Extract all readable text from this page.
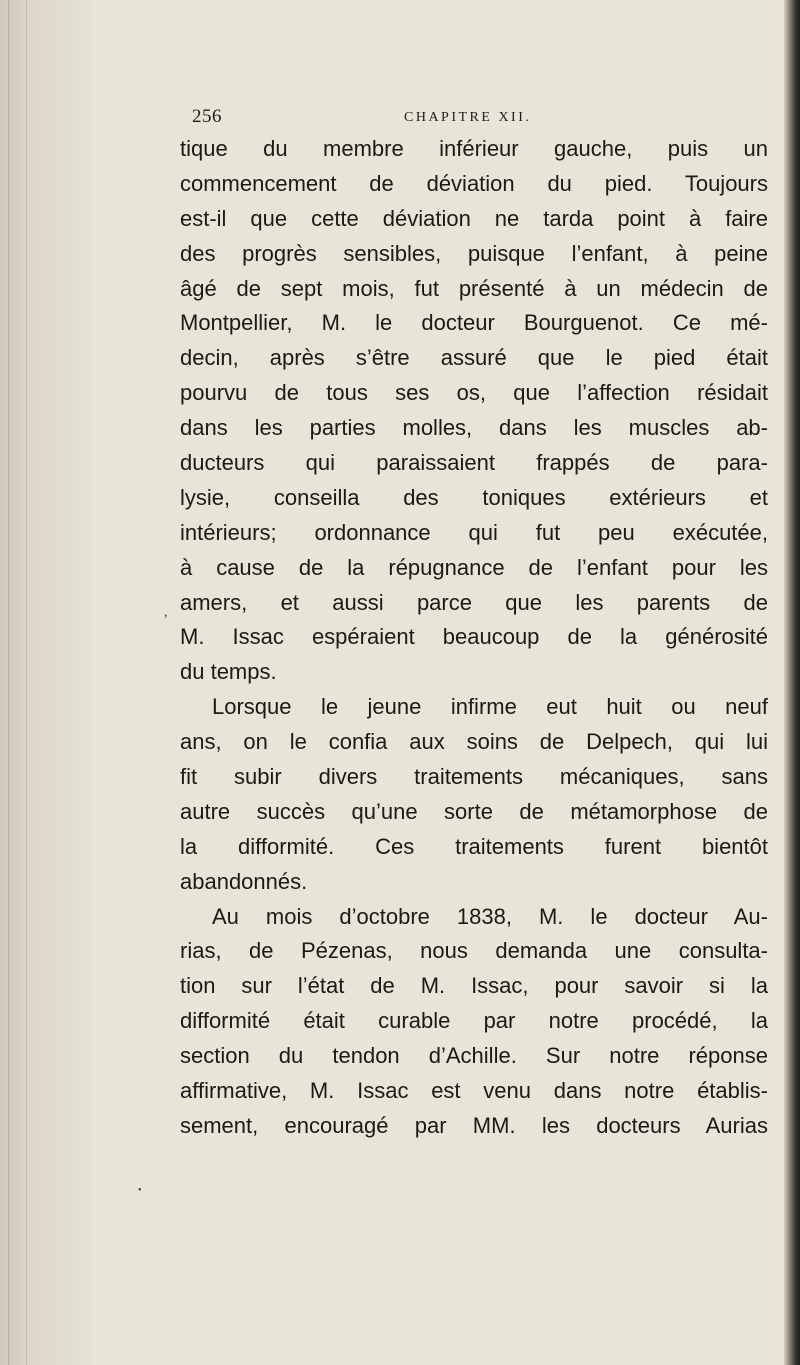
256	CHAPITRE XII.
tique du membre inférieur gauche, puis un
commencement de déviation du pied. Toujours
est-il que cette déviation ne tarda point à faire
des progrès sensibles, puisque l’enfant, à peine
âgé de sept mois, fut présenté à un médecin de
Montpellier, M. le docteur Bourguenot. Ce mé-
decin, après s’être assuré que le pied était
pourvu de tous ses os, que l’affection résidait
dans les parties molles, dans les muscles ab-
ducteurs qui paraissaient frappés de para-
lysie, conseilla des toniques extérieurs et
intérieurs; ordonnance qui fut peu exécutée,
à cause de la répugnance de l’enfant pour les
amers, et aussi parce que les parents de
M. Issac espéraient beaucoup de la générosité
du temps.
Lorsque le jeune infirme eut huit ou neuf
ans, on le confia aux soins de Delpech, qui lui
fit subir divers traitements mécaniques, sans
autre succès qu’une sorte de métamorphose de
la difformité. Ces traitements furent bientôt
abandonnés.
Au mois d’octobre 1838, M. le docteur Au-
rias, de Pézenas, nous demanda une consulta-
tion sur l’état de M. Issac, pour savoir si la
difformité était curable par notre procédé, la
section du tendon d’Achille. Sur notre réponse
affirmative, M. Issac est venu dans notre établis-
sement, encouragé par MM. les docteurs Aurias
,
•
